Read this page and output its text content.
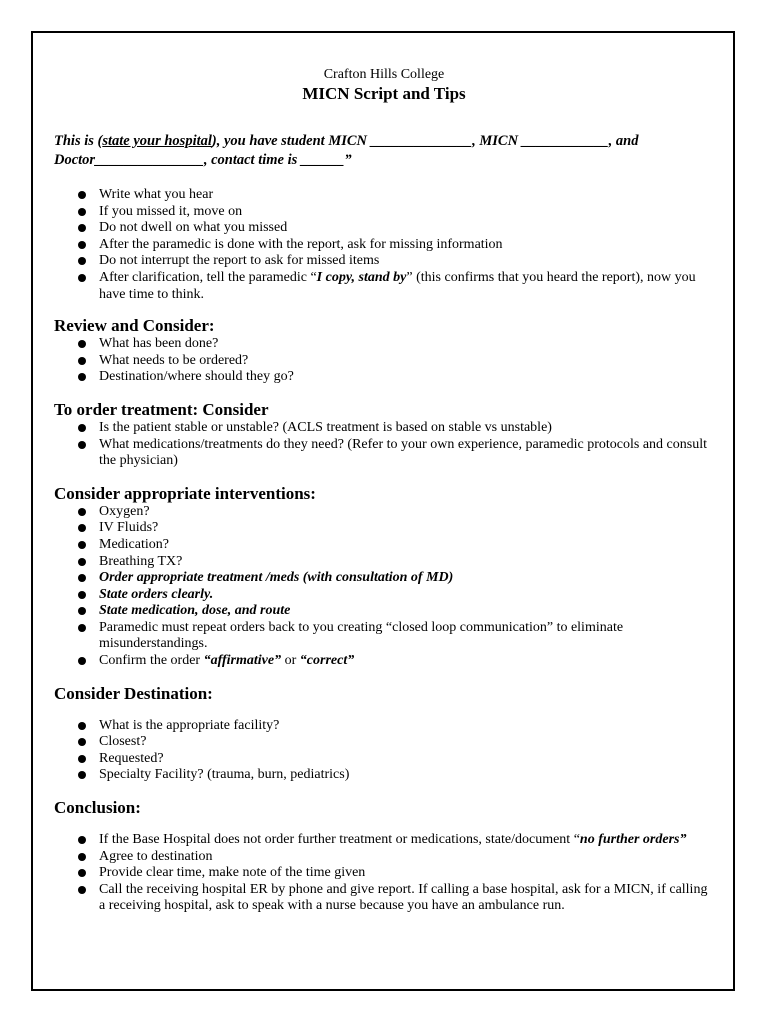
Crafton Hills College
MICN Script and Tips
This is (state your hospital), you have student MICN ______________, MICN ____________, and Doctor_______________, contact time is ______”
Write what you hear
If you missed it, move on
Do not dwell on what you missed
After the paramedic is done with the report, ask for missing information
Do not interrupt the report to ask for missed items
After clarification, tell the paramedic “I copy, stand by” (this confirms that you heard the report), now you have time to think.
Review and Consider:
What has been done?
What needs to be ordered?
Destination/where should they go?
To order treatment: Consider
Is the patient stable or unstable? (ACLS treatment is based on stable vs unstable)
What medications/treatments do they need? (Refer to your own experience, paramedic protocols and consult the physician)
Consider appropriate interventions:
Oxygen?
IV Fluids?
Medication?
Breathing TX?
Order appropriate treatment /meds (with consultation of MD)
State orders clearly.
State medication, dose, and route
Paramedic must repeat orders back to you creating “closed loop communication” to eliminate misunderstandings.
Confirm the order “affirmative” or “correct”
Consider Destination:
What is the appropriate facility?
Closest?
Requested?
Specialty Facility? (trauma, burn, pediatrics)
Conclusion:
If the Base Hospital does not order further treatment or medications, state/document “no further orders”
Agree to destination
Provide clear time, make note of the time given
Call the receiving hospital ER by phone and give report. If calling a base hospital, ask for a MICN, if calling a receiving hospital, ask to speak with a nurse because you have an ambulance run.
